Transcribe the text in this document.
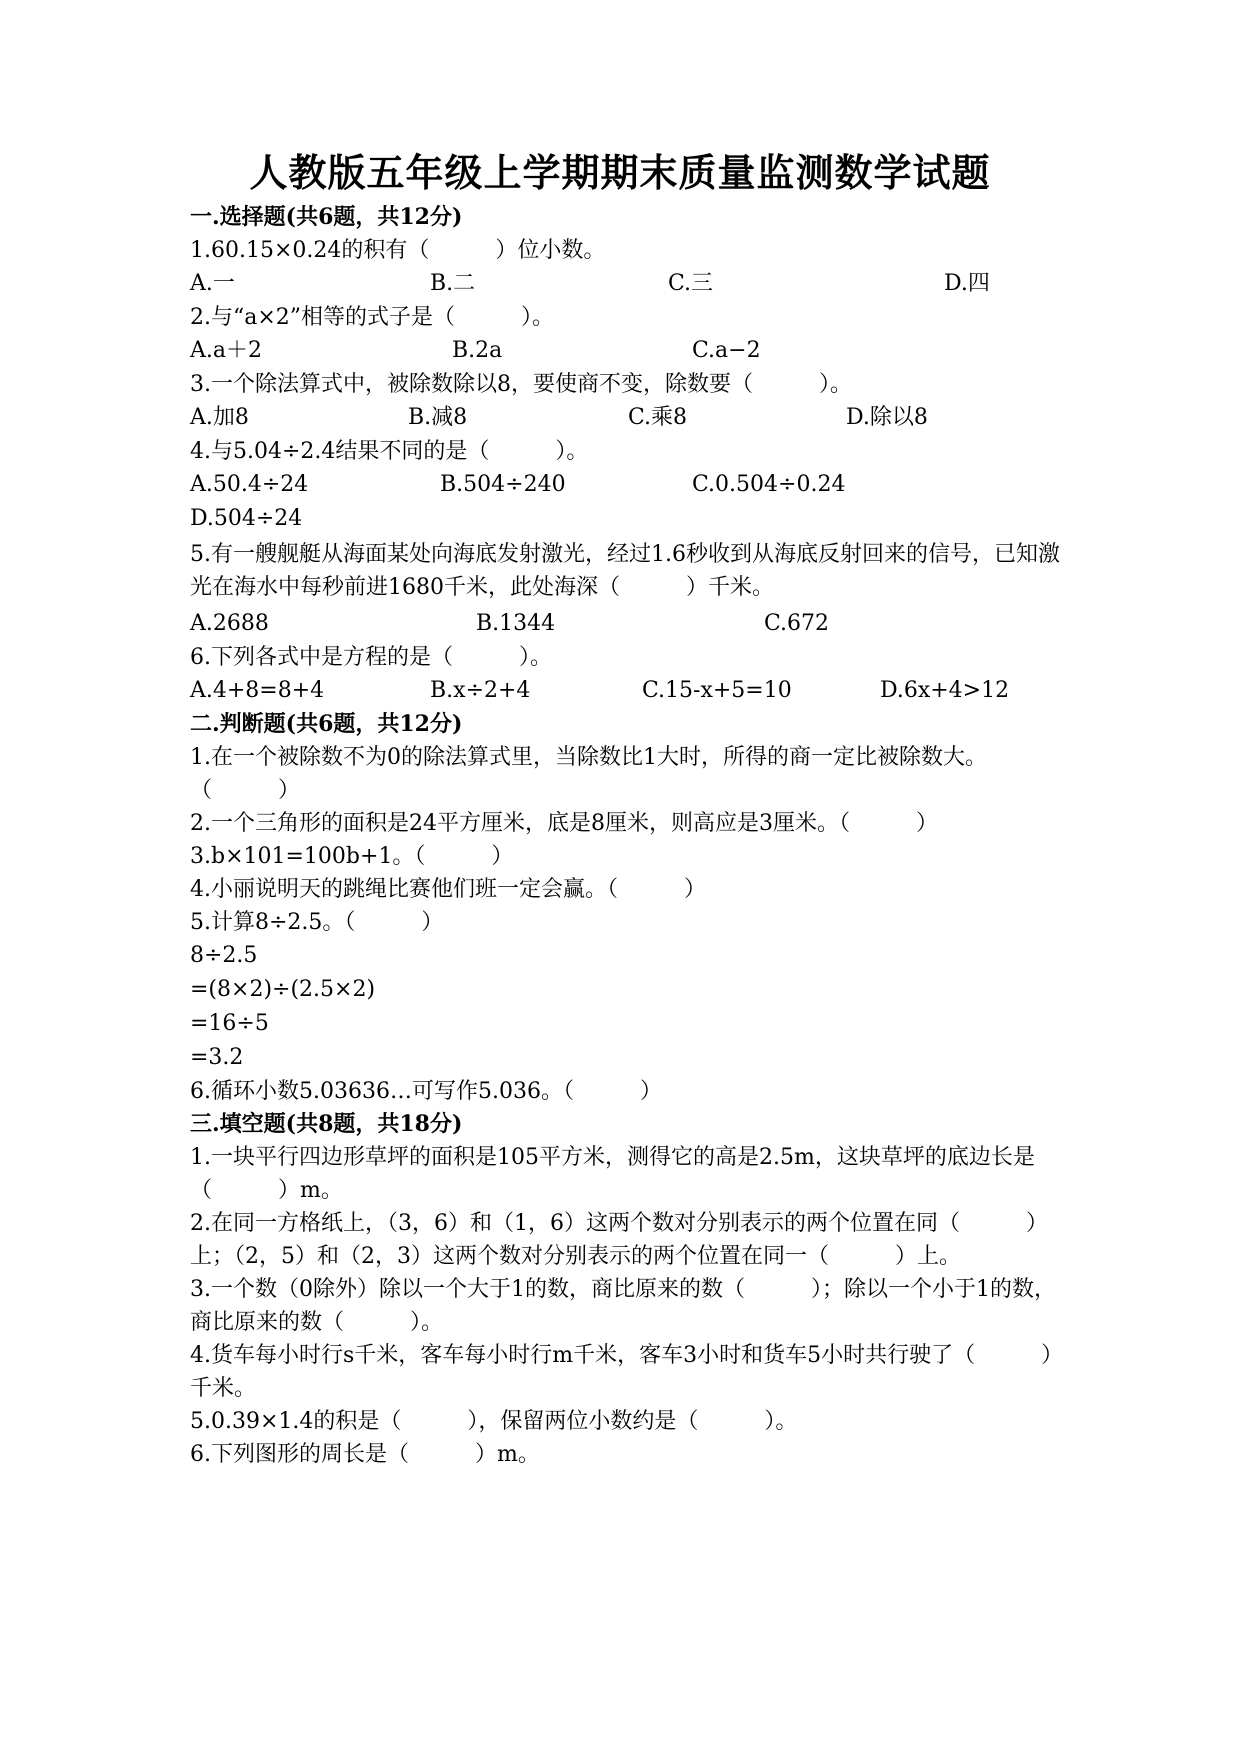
人教版五年级上学期期末质量监测数学试题
一.选择题(共6题，共12分)
1.60.15×0.24的积有（　　　）位小数。
A.一	B.二	C.三	D.四
2.与“a×2”相等的式子是（　　　）。
A.a＋2	B.2a	C.a−2
3.一个除法算式中，被除数除以8，要使商不变，除数要（　　　）。
A.加8	B.减8	C.乘8	D.除以8
4.与5.04÷2.4结果不同的是（　　　）。
A.50.4÷24	B.504÷240	C.0.504÷0.24
D.504÷24
5.有一艘舰艇从海面某处向海底发射激光，经过1.6秒收到从海底反射回来的信号，已知激光在海水中每秒前进1680千米，此处海深（　　　）千米。
A.2688	B.1344	C.672
6.下列各式中是方程的是（　　　）。
A.4+8=8+4	B.x÷2+4	C.15-x+5=10	D.6x+4>12
二.判断题(共6题，共12分)
1.在一个被除数不为0的除法算式里，当除数比1大时，所得的商一定比被除数大。（　　　）
2.一个三角形的面积是24平方厘米，底是8厘米，则高应是3厘米。（　　　）
3.b×101=100b+1。（　　　）
4.小丽说明天的跳绳比赛他们班一定会赢。（　　　）
5.计算8÷2.5。（　　　）
8÷2.5
=(8×2)÷(2.5×2)
=16÷5
=3.2
6.循环小数5.03636…可写作5.036。（　　　）
三.填空题(共8题，共18分)
1.一块平行四边形草坪的面积是105平方米，测得它的高是2.5m，这块草坪的底边长是（　　　）m。
2.在同一方格纸上，（3，6）和（1，6）这两个数对分别表示的两个位置在同（　　　）上；（2，5）和（2，3）这两个数对分别表示的两个位置在同一（　　　）上。
3.一个数（0除外）除以一个大于1的数，商比原来的数（　　　）；除以一个小于1的数，商比原来的数（　　　）。
4.货车每小时行s千米，客车每小时行m千米，客车3小时和货车5小时共行驶了（　　　）千米。
5.0.39×1.4的积是（　　　），保留两位小数约是（　　　）。
6.下列图形的周长是（　　　）m。
